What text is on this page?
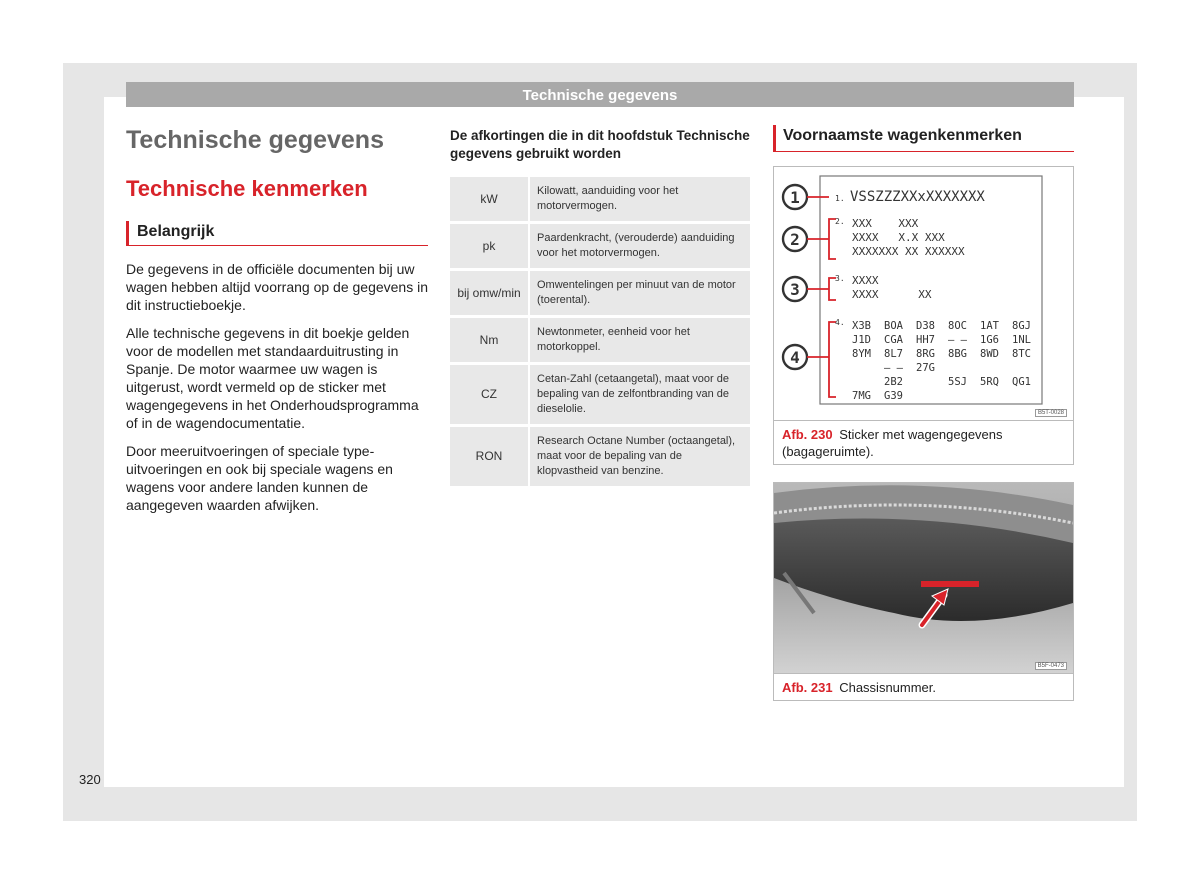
Technische gegevens
Technische gegevens
Technische kenmerken
Belangrijk

De gegevens in de officiële documenten bij uw wagen hebben altijd voorrang op de gegevens in dit instructieboekje.

Alle technische gegevens in dit boekje gelden voor de modellen met standaarduitrusting in Spanje. De motor waarmee uw wagen is uitgerust, wordt vermeld op de sticker met wagengegevens in het Onderhoudsprogramma of in de wagendocumentatie.

Door meeruitvoeringen of speciale type-uitvoeringen en ook bij speciale wagens en wagens voor andere landen kunnen de aangegeven waarden afwijken.

De afkortingen die in dit hoofdstuk Technische gegevens gebruikt worden
kW	Kilowatt, aanduiding voor het motorvermogen.
pk	Paardenkracht, (verouderde) aanduiding voor het motorvermogen.
bij omw/min	Omwentelingen per minuut van de motor (toerental).
Nm	Newtonmeter, eenheid voor het motorkoppel.
CZ	Cetan-Zahl (cetaangetal), maat voor de bepaling van de zelfontbranding van de dieselolie.
RON	Research Octane Number (octaangetal), maat voor de bepaling van de klopvastheid van benzine.
Voornaamste wagenkenmerken
1
2
3
4
1. VSSZZZXXxXXXXXXX
2. XXX    XXX
XXXX   X.X XXX
XXXXXXX XX XXXXXX
3. XXXX
XXXX      XX
4. X3B BOA D38 8OC 1AT 8GJ
J1D CGA HH7 — — 1G6 1NL
8YM 8L7 8RG 8BG 8WD 8TC
— — 27G
2B2	5SJ 5RQ QG1
7MG G39
B5T-0028
Afb. 230 Sticker met wagengegevens (bagageruimte).
B5F-0473
Afb. 231 Chassisnummer.
320
